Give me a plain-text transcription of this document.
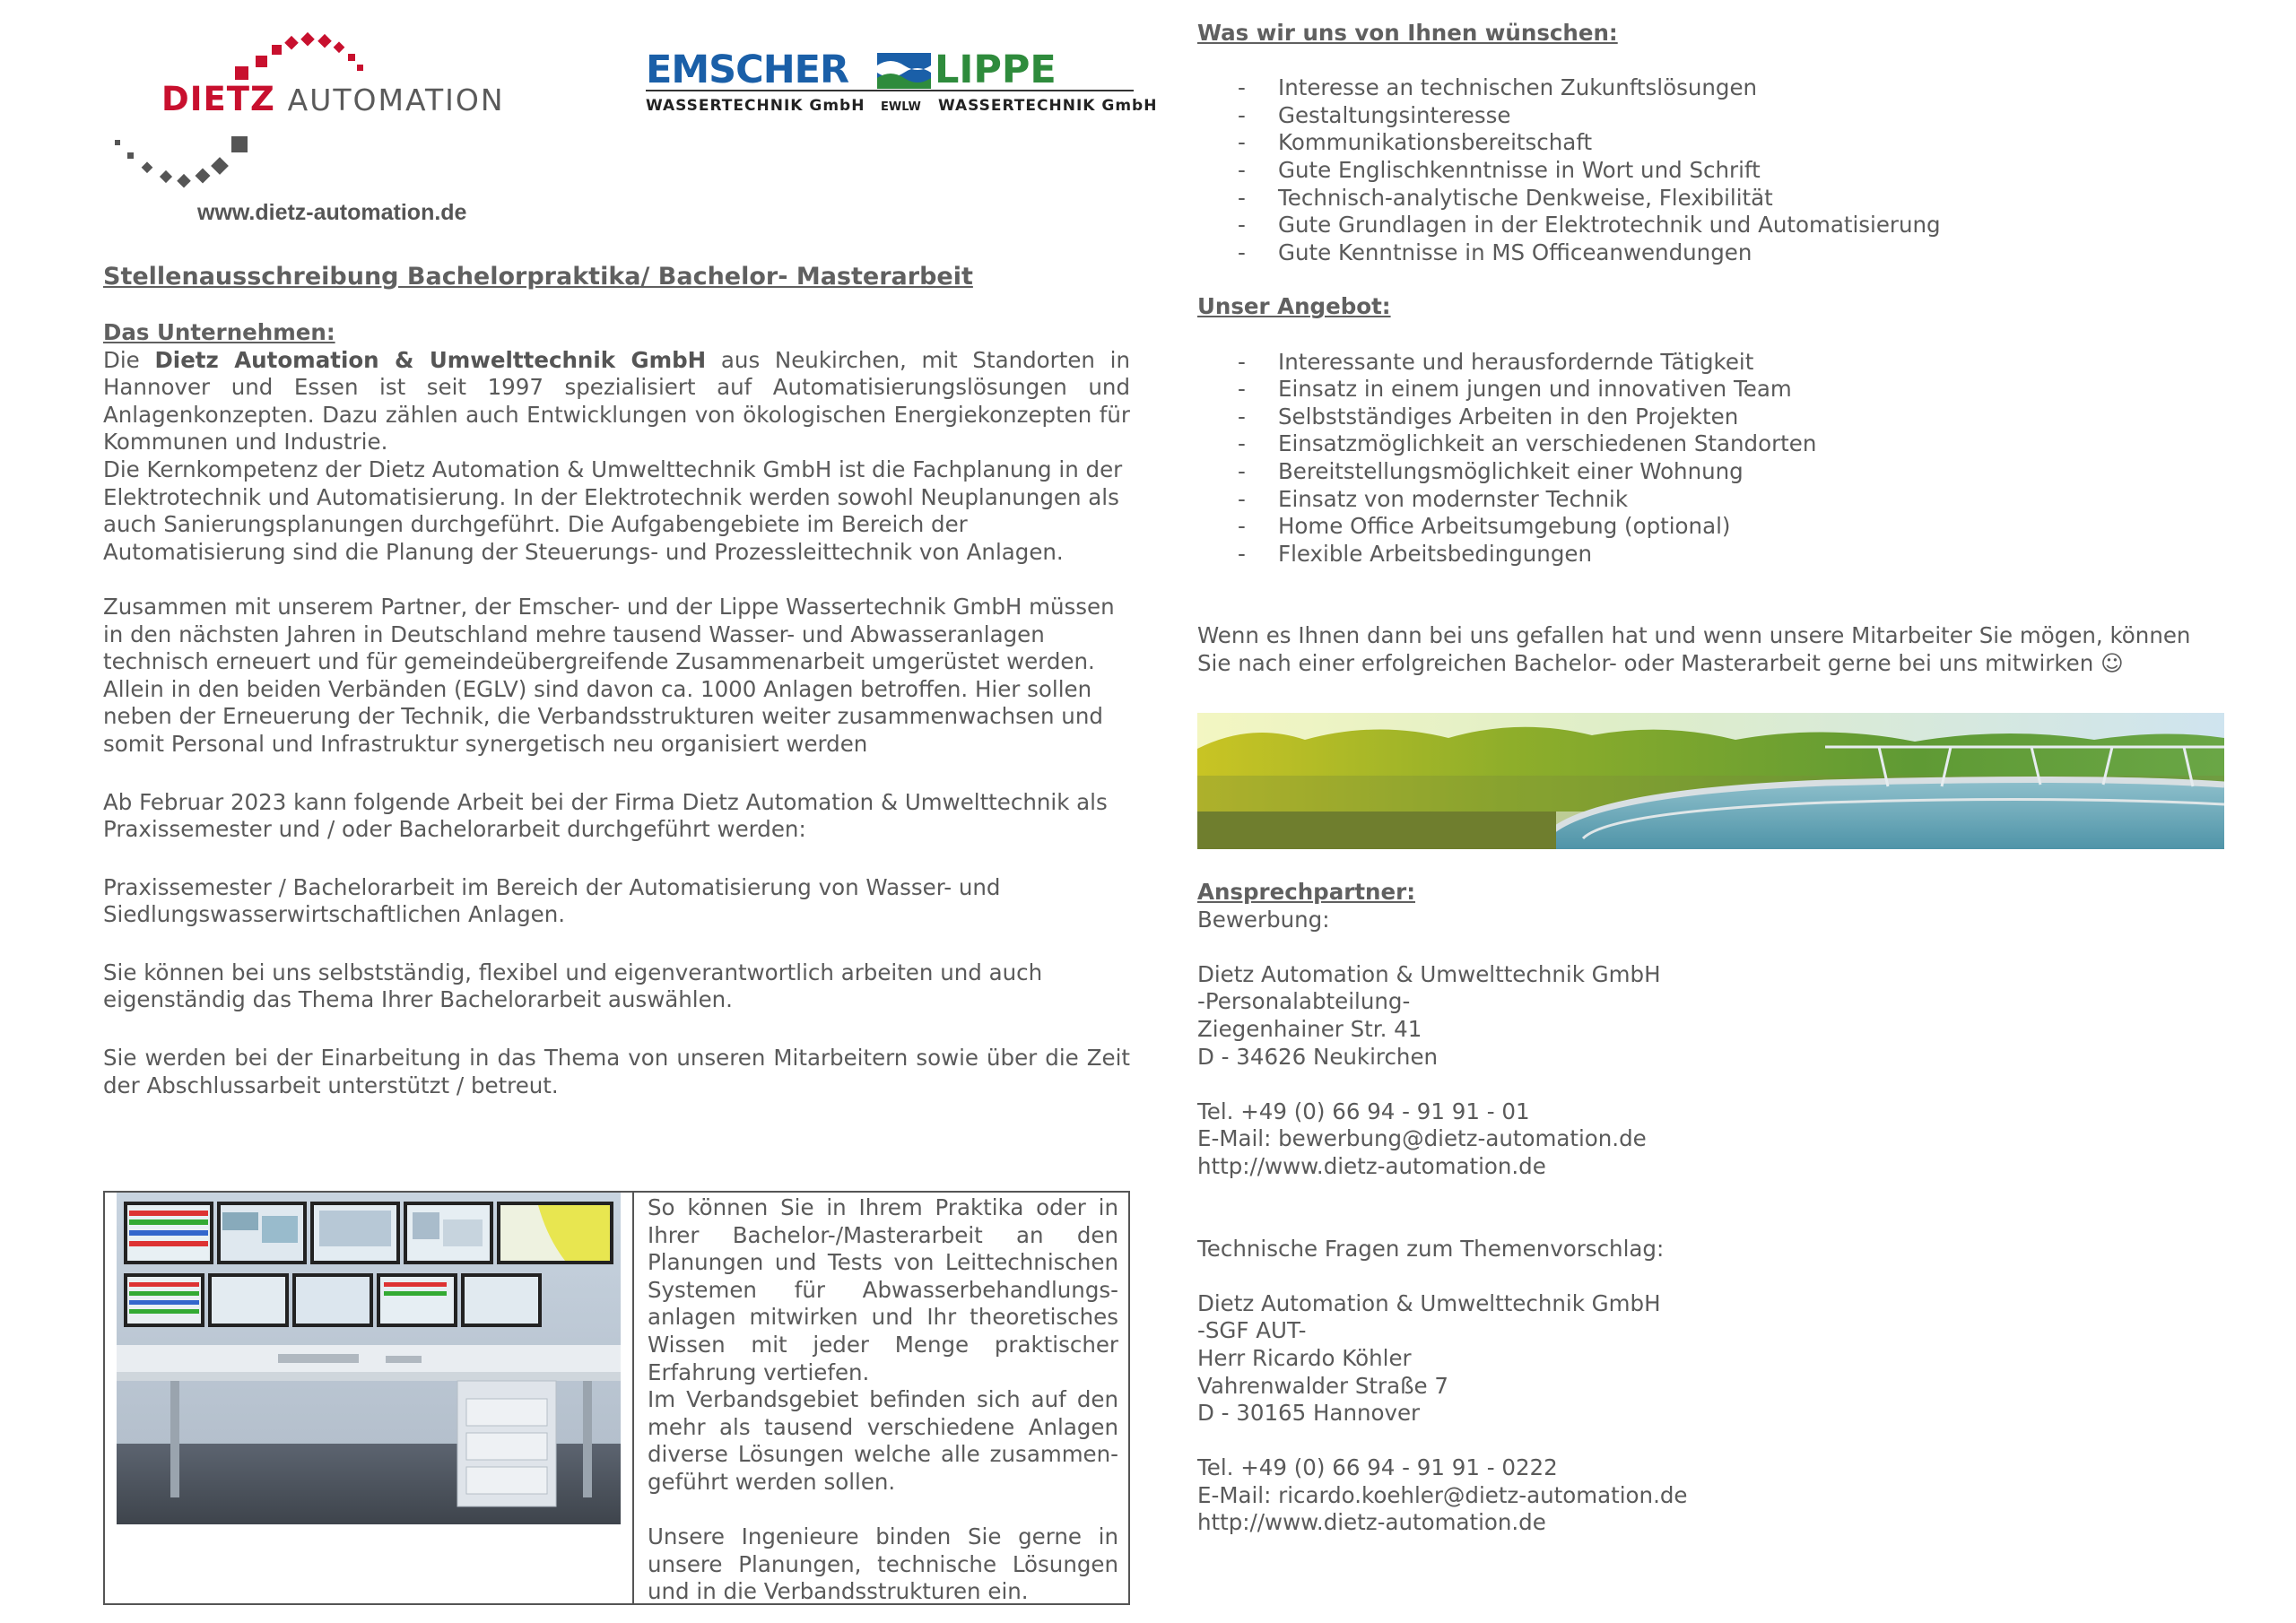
DIETZ AUTOMATION
www.dietz-automation.de
EMSCHER LIPPE
WASSERTECHNIK GmbH EWLW WASSERTECHNIK GmbH
Stellenausschreibung Bachelorpraktika/ Bachelor- Masterarbeit
Das Unternehmen:

Die Dietz Automation & Umwelttechnik GmbH aus Neukirchen, mit Standorten in Hannover und Essen ist seit 1997 spezialisiert auf Automatisierungslösungen und Anlagenkonzepten. Dazu zählen auch Entwicklungen von ökologischen Energiekonzepten für Kommunen und Industrie.

Die Kernkompetenz der Dietz Automation & Umwelttechnik GmbH ist die Fachplanung in der Elektrotechnik und Automatisierung. In der Elektrotechnik werden sowohl Neuplanungen als auch Sanierungsplanungen durchgeführt. Die Aufgabengebiete im Bereich der Automatisierung sind die Planung der Steuerungs- und Prozessleittechnik von Anlagen.

Zusammen mit unserem Partner, der Emscher- und der Lippe Wassertechnik GmbH müssen in den nächsten Jahren in Deutschland mehre tausend Wasser- und Abwasseranlagen technisch erneuert und für gemeindeübergreifende Zusammenarbeit umgerüstet werden. Allein in den beiden Verbänden (EGLV) sind davon ca. 1000 Anlagen betroffen. Hier sollen neben der Erneuerung der Technik, die Verbandsstrukturen weiter zusammenwachsen und somit Personal und Infrastruktur synergetisch neu organisiert werden

Ab Februar 2023 kann folgende Arbeit bei der Firma Dietz Automation & Umwelttechnik als Praxissemester und / oder Bachelorarbeit durchgeführt werden:

Praxissemester / Bachelorarbeit im Bereich der Automatisierung von Wasser- und Siedlungswasserwirtschaftlichen Anlagen.

Sie können bei uns selbstständig, flexibel und eigenverantwortlich arbeiten und auch eigenständig das Thema Ihrer Bachelorarbeit auswählen.

Sie werden bei der Einarbeitung in das Thema von unseren Mitarbeitern sowie über die Zeit der Abschlussarbeit unterstützt / betreut.

So können Sie in Ihrem Praktika oder in Ihrer Bachelor-/Masterarbeit an den Planungen und Tests von Leittechnischen Systemen für Abwasserbehandlungs-anlagen mitwirken und Ihr theoretisches Wissen mit jeder Menge praktischer Erfahrung vertiefen.

Im Verbandsgebiet befinden sich auf den mehr als tausend verschiedene Anlagen diverse Lösungen welche alle zusammen-geführt werden sollen.

Unsere Ingenieure binden Sie gerne in unsere Planungen, technische Lösungen und in die Verbandsstrukturen ein.

Was wir uns von Ihnen wünschen:
- Interesse an technischen Zukunftslösungen
- Gestaltungsinteresse
- Kommunikationsbereitschaft
- Gute Englischkenntnisse in Wort und Schrift
- Technisch-analytische Denkweise, Flexibilität
- Gute Grundlagen in der Elektrotechnik und Automatisierung
- Gute Kenntnisse in MS Officeanwendungen
Unser Angebot:
- Interessante und herausfordernde Tätigkeit
- Einsatz in einem jungen und innovativen Team
- Selbstständiges Arbeiten in den Projekten
- Einsatzmöglichkeit an verschiedenen Standorten
- Bereitstellungsmöglichkeit einer Wohnung
- Einsatz von modernster Technik
- Home Office Arbeitsumgebung (optional)
- Flexible Arbeitsbedingungen

Wenn es Ihnen dann bei uns gefallen hat und wenn unsere Mitarbeiter Sie mögen, können Sie nach einer erfolgreichen Bachelor- oder Masterarbeit gerne bei uns mitwirken ☺

Ansprechpartner:
Bewerbung:
Dietz Automation & Umwelttechnik GmbH
-Personalabteilung-
Ziegenhainer Str. 41
D - 34626 Neukirchen
Tel. +49 (0) 66 94 - 91 91 - 01
E-Mail: bewerbung@dietz-automation.de
http://www.dietz-automation.de
Technische Fragen zum Themenvorschlag:
Dietz Automation & Umwelttechnik GmbH
-SGF AUT-
Herr Ricardo Köhler
Vahrenwalder Straße 7
D - 30165 Hannover
Tel. +49 (0) 66 94 - 91 91 - 0222
E-Mail: ricardo.koehler@dietz-automation.de
http://www.dietz-automation.de
